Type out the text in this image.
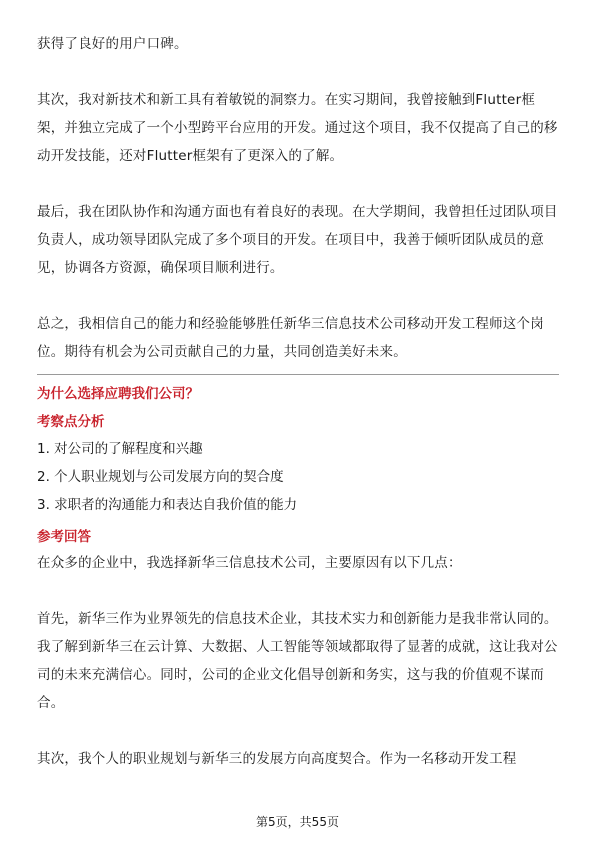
获得了良好的用户口碑。

其次，我对新技术和新工具有着敏锐的洞察力。在实习期间，我曾接触到Flutter框架，并独立完成了一个小型跨平台应用的开发。通过这个项目，我不仅提高了自己的移动开发技能，还对Flutter框架有了更深入的了解。

最后，我在团队协作和沟通方面也有着良好的表现。在大学期间，我曾担任过团队项目负责人，成功领导团队完成了多个项目的开发。在项目中，我善于倾听团队成员的意见，协调各方资源，确保项目顺利进行。

总之，我相信自己的能力和经验能够胜任新华三信息技术公司移动开发工程师这个岗位。期待有机会为公司贡献自己的力量，共同创造美好未来。

为什么选择应聘我们公司？

考察点分析

1. 对公司的了解程度和兴趣
2. 个人职业规划与公司发展方向的契合度
3. 求职者的沟通能力和表达自我价值的能力

参考回答

在众多的企业中，我选择新华三信息技术公司，主要原因有以下几点：

首先，新华三作为业界领先的信息技术企业，其技术实力和创新能力是我非常认同的。我了解到新华三在云计算、大数据、人工智能等领域都取得了显著的成就，这让我对公司的未来充满信心。同时，公司的企业文化倡导创新和务实，这与我的价值观不谋而合。

其次，我个人的职业规划与新华三的发展方向高度契合。作为一名移动开发工程

第5页，共55页
